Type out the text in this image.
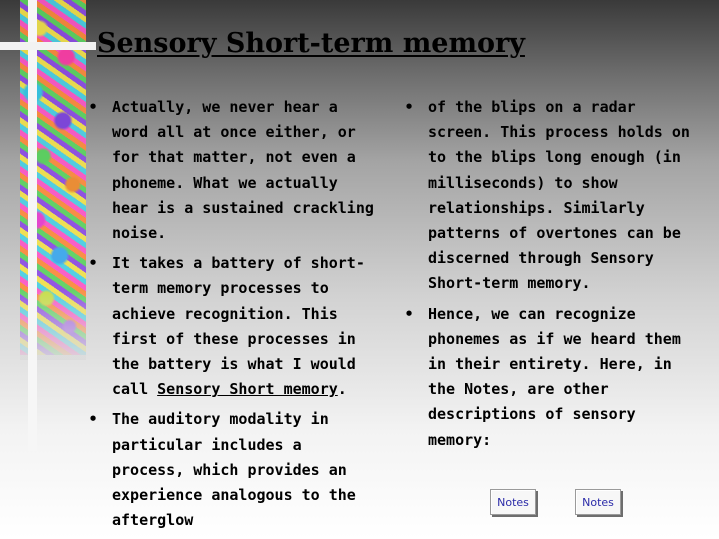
Sensory Short-term memory
• Actually, we never hear a word all at once either, or for that matter, not even a phoneme. What we actually hear is a sustained crackling noise.
• It takes a battery of short-term memory processes to achieve recognition. This first of these processes in the battery is what I would call Sensory Short memory.
• The auditory modality in particular includes a process, which provides an experience analogous to the afterglow
• of the blips on a radar screen. This process holds on to the blips long enough (in milliseconds) to show relationships. Similarly patterns of overtones can be discerned through Sensory Short-term memory.
• Hence, we can recognize phonemes as if we heard them in their entirety. Here, in the Notes, are other descriptions of sensory memory:
Notes	Notes
